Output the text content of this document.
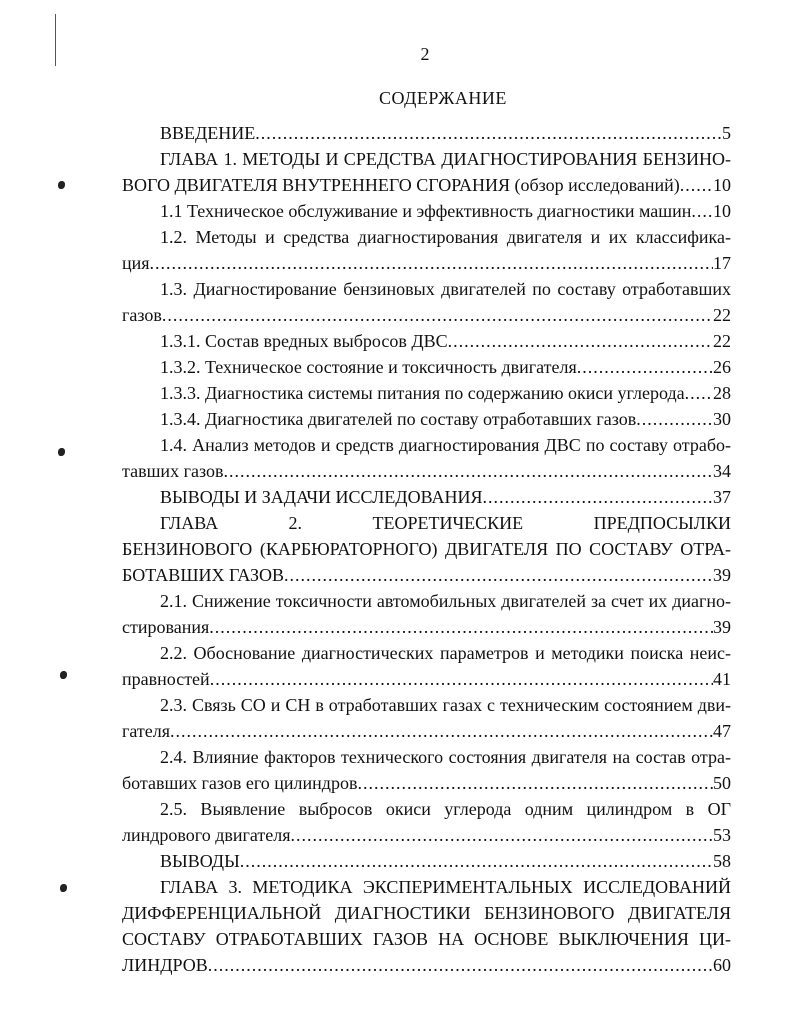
2
СОДЕРЖАНИЕ
ВВЕДЕНИЕ .....	5
ГЛАВА 1. МЕТОДЫ И СРЕДСТВА ДИАГНОСТИРОВАНИЯ БЕНЗИНО-
ВОГО ДВИГАТЕЛЯ ВНУТРЕННЕГО СГОРАНИЯ (обзор исследований) ..... 10
1.1 Техническое обслуживание и эффективность диагностики машин ..... 10
1.2. Методы и средства диагностирования двигателя и их классифика-
ция .....	17
1.3. Диагностирование бензиновых двигателей по составу отработавших
газов .....	22
1.3.1. Состав вредных выбросов ДВС .....	22
1.3.2. Техническое состояние и токсичность двигателя .....	26
1.3.3. Диагностика системы питания по содержанию окиси углерода ..... 28
1.3.4. Диагностика двигателей по составу отработавших газов .....	30
1.4. Анализ методов и средств диагностирования ДВС по составу отрабо-
тавших газов .....	34
ВЫВОДЫ И ЗАДАЧИ ИССЛЕДОВАНИЯ .....	37
ГЛАВА 2. ТЕОРЕТИЧЕСКИЕ ПРЕДПОСЫЛКИ
БЕНЗИНОВОГО (КАРБЮРАТОРНОГО) ДВИГАТЕЛЯ ПО СОСТАВУ ОТРА-
БОТАВШИХ ГАЗОВ .....	39
2.1. Снижение токсичности автомобильных двигателей за счет их диагно-
стирования .....	39
2.2. Обоснование диагностических параметров и методики поиска неис-
правностей .....	41
2.3. Связь СО и СН в отработавших газах с техническим состоянием дви-
гателя .....	47
2.4. Влияние факторов технического состояния двигателя на состав отра-
ботавших газов его цилиндров .....	50
2.5. Выявление выбросов окиси углерода одним цилиндром в ОГ
линдрового двигателя .....	53
ВЫВОДЫ .....	58
ГЛАВА 3. МЕТОДИКА ЭКСПЕРИМЕНТАЛЬНЫХ ИССЛЕДОВАНИЙ
ДИФФЕРЕНЦИАЛЬНОЙ ДИАГНОСТИКИ БЕНЗИНОВОГО ДВИГАТЕЛЯ
СОСТАВУ ОТРАБОТАВШИХ ГАЗОВ НА ОСНОВЕ ВЫКЛЮЧЕНИЯ ЦИ-
ЛИНДРОВ .....	60
